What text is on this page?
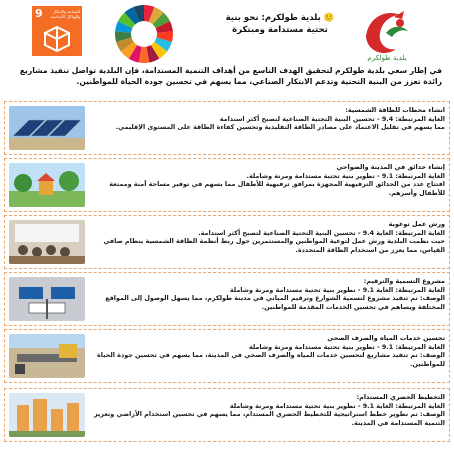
9	الصناعة والابتكار والهياكل الأساسية	🙂 بلدية طولكرم: نحو بنية تحتية مستدامة ومبتكرة
بلدية طولكرم
في إطار سعي بلدية طولكرم لتحقيق الهدف التاسع من أهداف التنمية المستدامة، فإن البلدية تواصل تنفيذ مشاريع رائدة تعزز من البنية التحتية وتدعم الابتكار الصناعي، مما يسهم في تحسين جودة الحياة للمواطنين.
انشاء محطات للطاقة الشمسية:
الغاية المرتبطة: 9.4 - تحسين البنية التحتية الصناعية لتصبح أكثر استدامة
مما يسهم في تقليل الاعتماد على مصادر الطاقة التقليدية وتحسين كفاءة الطاقة على المستوى الإقليمي.
إنشاء حدائق في المدينة والضواحي
الغاية المرتبطة: 9.1 - تطوير بنية تحتية مستدامة ومرنة وشاملة.
افتتاح عدد من الحدائق الترفيهية المجهزة بمرافق ترفيهية للأطفال مما يسهم في توفير مساحة آمنة وممتعة للأطفال وأسرهم.
ورش عمل توعوية
الغاية المرتبطة: الغاية 9.4 - تحسين البنية التحتية الصناعية لتصبح أكثر استدامة.
حيث نظمت البلدية ورش عمل لتوعية المواطنين والمستثمرين حول ربط أنظمة الطاقة الشمسية بنظام صافي القياس، مما يعزز من استخدام الطاقة المتجددة.
مشروع التسمية والترقيم:
الغاية المرتبطة: الغاية 9.1 - تطوير بنية تحتية مستدامة ومرنة وشاملة
الوصف: تم تنفيذ مشروع لتسمية الشوارع وترقيم المباني في مدينة طولكرم، مما يسهل الوصول إلى المواقع المختلفة ويساهم في تحسين الخدمات المقدمة للمواطنين.
تحسين خدمات المياه والصرف الصحي
الغاية المرتبطة: 9.1 - تطوير بنية تحتية مستدامة ومرنة وشاملة
الوصف: تم تنفيذ مشاريع لتحسين خدمات المياه والصرف الصحي في المدينة، مما يسهم في تحسين جودة الحياة للمواطنين.
التخطيط الحضري المستدام:
الغاية المرتبطة: الغاية 9.1 - تطوير بنية تحتية مستدامة ومرنة وشاملة
الوصف: تم تطوير خطط استراتيجية للتخطيط الحضري المستدام، مما يسهم في تحسين استخدام الأراضي وتعزيز التنمية المستدامة في المدينة.
